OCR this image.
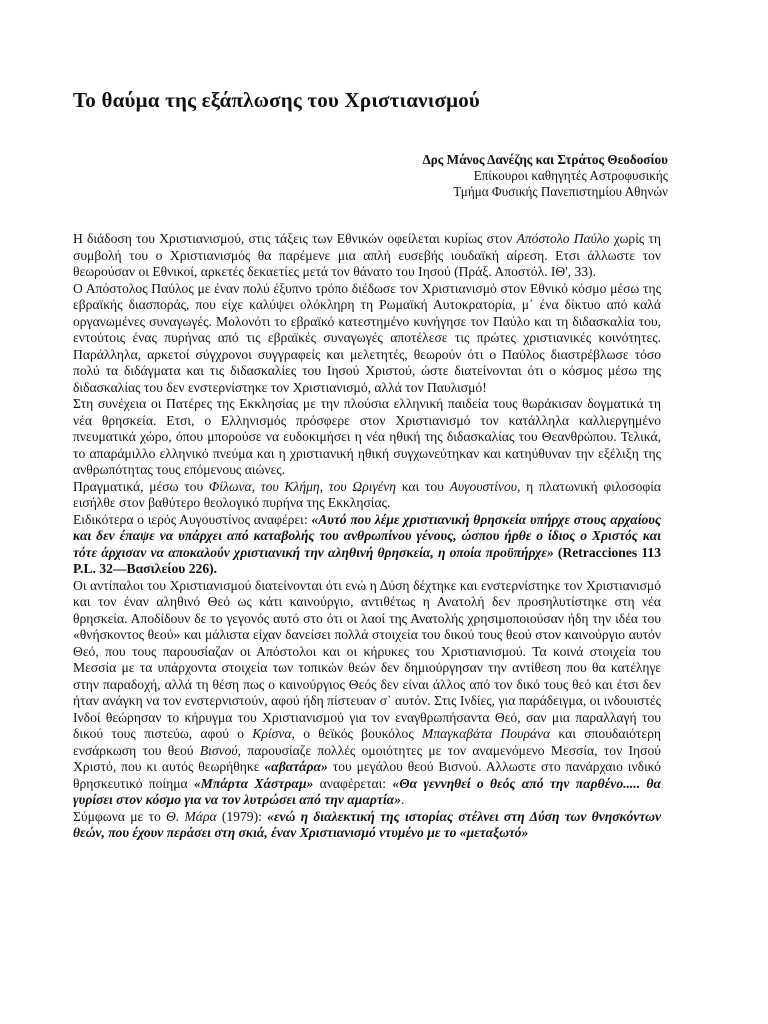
Το θαύμα της εξάπλωσης του Χριστιανισμού
Δρς Μάνος Δανέζης και Στράτος Θεοδοσίου
Επίκουροι καθηγητές Αστροφυσικής
Τμήμα Φυσικής Πανεπιστημίου Αθηνών

Η διάδοση του Χριστιανισμού, στις τάξεις των Εθνικών οφείλεται κυρίως στον Απόστολο Παύλο χωρίς τη συμβολή του ο Χριστιανισμός θα παρέμενε μια απλή ευσεβής ιουδαϊκή αίρεση. Ετσι άλλωστε τον θεωρούσαν οι Εθνικοί, αρκετές δεκαετίες μετά τον θάνατο του Ιησού (Πράξ. Αποστόλ. ΙΘ', 33).

Ο Απόστολος Παύλος με έναν πολύ έξυπνο τρόπο διέδωσε τον Χριστιανισμό στον Εθνικό κόσμο μέσω της εβραϊκής διασποράς, που είχε καλύψει ολόκληρη τη Ρωμαϊκή Αυτοκρατορία, μ᾿ ένα δίκτυο από καλά οργανωμένες συναγωγές. Μολονότι το εβραϊκό κατεστημένο κυνήγησε τον Παύλο και τη διδασκαλία του, εντούτοις ένας πυρήνας από τις εβραϊκές συναγωγές αποτέλεσε τις πρώτες χριστιανικές κοινότητες. Παράλληλα, αρκετοί σύγχρονοι συγγραφείς και μελετητές, θεωρούν ότι ο Παύλος διαστρέβλωσε τόσο πολύ τα διδάγματα και τις διδασκαλίες του Ιησού Χριστού, ώστε διατείνονται ότι ο κόσμος μέσω της διδασκαλίας του δεν ενστερνίστηκε τον Χριστιανισμό, αλλά τον Παυλισμό!

Στη συνέχεια οι Πατέρες της Εκκλησίας με την πλούσια ελληνική παιδεία τους θωράκισαν δογματικά τη νέα θρησκεία. Ετσι, ο Ελληνισμός πρόσφερε στον Χριστιανισμό τον κατάλληλα καλλιεργημένο πνευματικά χώρο, όπου μπορούσε να ευδοκιμήσει η νέα ηθική της διδασκαλίας του Θεανθρώπου. Τελικά, το απαράμιλλο ελληνικό πνεύμα και η χριστιανική ηθική συγχωνεύτηκαν και κατηύθυναν την εξέλιξη της ανθρωπότητας τους επόμενους αιώνες.

Πραγματικά, μέσω του Φίλωνα, του Κλήμη, του Ωριγένη και του Αυγουστίνου, η πλατωνική φιλοσοφία εισήλθε στον βαθύτερο θεολογικό πυρήνα της Εκκλησίας.

Ειδικότερα ο ιερός Αυγουστίνος αναφέρει: «Αυτό που λέμε χριστιανική θρησκεία υπήρχε στους αρχαίους και δεν έπαψε να υπάρχει από καταβολής του ανθρωπίνου γένους, ώσπου ήρθε ο ίδιος ο Χριστός και τότε άρχισαν να αποκαλούν χριστιανική την αληθινή θρησκεία, η οποία προϋπήρχε» (Retracciones 113 P.L. 32—Βασιλείου 226).

Οι αντίπαλοι του Χριστιανισμού διατείνονται ότι ενώ η Δύση δέχτηκε και ενστερνίστηκε τον Χριστιανισμό και τον έναν αληθινό Θεό ως κάτι καινούργιο, αντιθέτως η Ανατολή δεν προσηλυτίστηκε στη νέα θρησκεία. Αποδίδουν δε το γεγονός αυτό στο ότι οι λαοί της Ανατολής χρησιμοποιούσαν ήδη την ιδέα του «θνήσκοντος θεού» και μάλιστα είχαν δανείσει πολλά στοιχεία του δικού τους θεού στον καινούργιο αυτόν Θεό, που τους παρουσίαζαν οι Απόστολοι και οι κήρυκες του Χριστιανισμού. Τα κοινά στοιχεία του Μεσσία με τα υπάρχοντα στοιχεία των τοπικών θεών δεν δημιούργησαν την αντίθεση που θα κατέληγε στην παραδοχή, αλλά τη θέση πως ο καινούργιος Θεός δεν είναι άλλος από τον δικό τους θεό και έτσι δεν ήταν ανάγκη να τον ενστερνιστούν, αφού ήδη πίστευαν σ᾿ αυτόν. Στις Ινδίες, για παράδειγμα, οι ινδουιστές Ινδοί θεώρησαν το κήρυγμα του Χριστιανισμού για τον εναγθρωπήσαντα Θεό, σαν μια παραλλαγή του δικού τους πιστεύω, αφού ο Κρίσνα, ο θεϊκός βουκόλος Μπαγκαβάτα Πουράνα και σπουδαιότερη ενσάρκωση του θεού Βισνού, παρουσίαζε πολλές ομοιότητες με τον αναμενόμενο Μεσσία, τον Ιησού Χριστό, που κι αυτός θεωρήθηκε «αβατάρα» του μεγάλου θεού Βισνού. Αλλωστε στο πανάρχαιο ινδικό θρησκευτικό ποίημα «Μπάρτα Χάστραμ» αναφέρεται: «Θα γεννηθεί ο θεός από την παρθένο..... θα γυρίσει στον κόσμο για να τον λυτρώσει από την αμαρτία».

Σύμφωνα με το Θ. Μάρα (1979): «ενώ η διαλεκτική της ιστορίας στέλνει στη Δύση των θνησκόντων θεών, που έχουν περάσει στη σκιά, έναν Χριστιανισμό ντυμένο με το «μεταξωτό»
